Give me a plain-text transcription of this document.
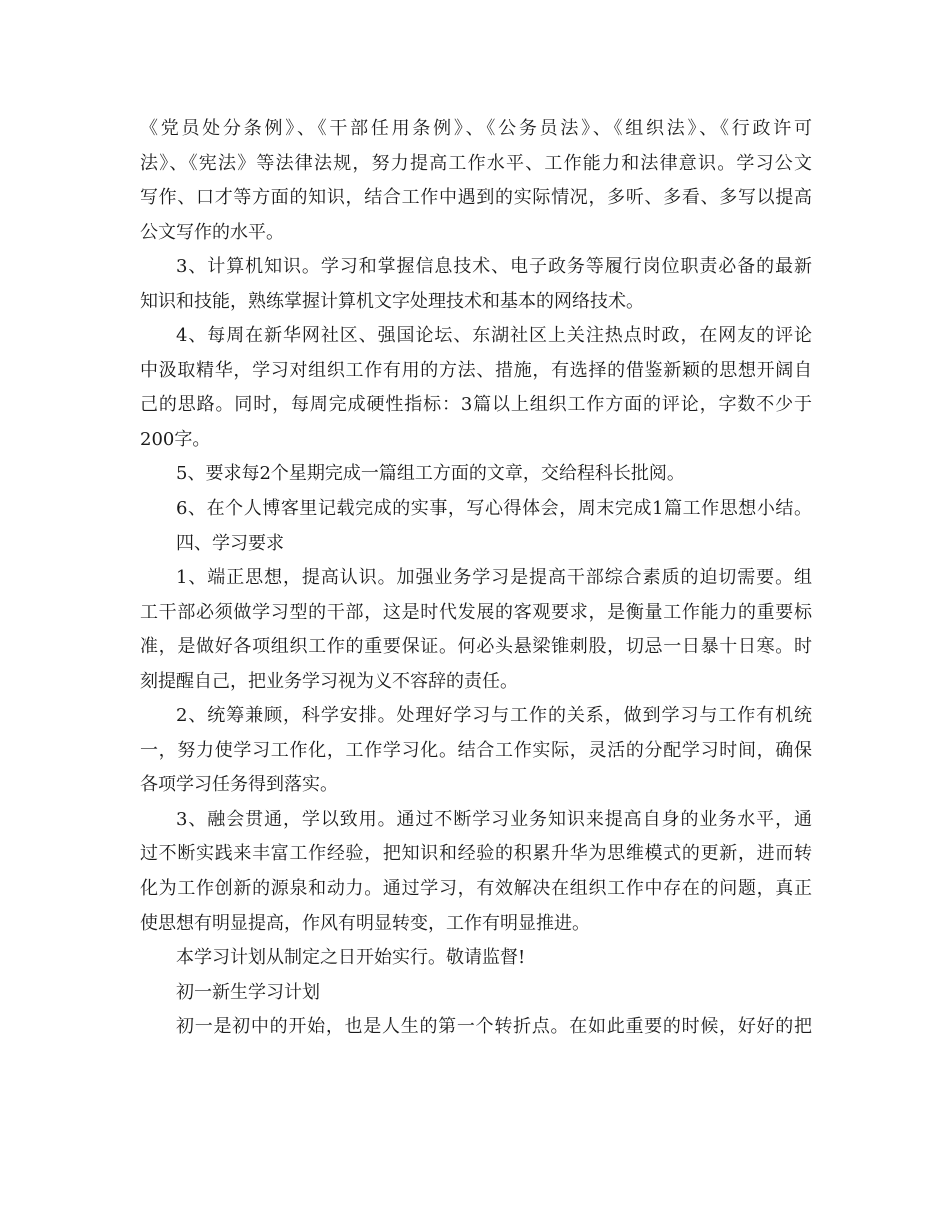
《党员处分条例》、《干部任用条例》、《公务员法》、《组织法》、《行政许可
法》、《宪法》等法律法规，努力提高工作水平、工作能力和法律意识。学习公文
写作、口才等方面的知识，结合工作中遇到的实际情况，多听、多看、多写以提高
公文写作的水平。
3、计算机知识。学习和掌握信息技术、电子政务等履行岗位职责必备的最新
知识和技能，熟练掌握计算机文字处理技术和基本的网络技术。
4、每周在新华网社区、强国论坛、东湖社区上关注热点时政，在网友的评论
中汲取精华，学习对组织工作有用的方法、措施，有选择的借鉴新颖的思想开阔自
己的思路。同时，每周完成硬性指标：3篇以上组织工作方面的评论，字数不少于
200字。
5、要求每2个星期完成一篇组工方面的文章，交给程科长批阅。
6、在个人博客里记载完成的实事，写心得体会，周末完成1篇工作思想小结。
四、学习要求
1、端正思想，提高认识。加强业务学习是提高干部综合素质的迫切需要。组
工干部必须做学习型的干部，这是时代发展的客观要求，是衡量工作能力的重要标
准，是做好各项组织工作的重要保证。何必头悬梁锥刺股，切忌一日暴十日寒。时
刻提醒自己，把业务学习视为义不容辞的责任。
2、统筹兼顾，科学安排。处理好学习与工作的关系，做到学习与工作有机统
一，努力使学习工作化，工作学习化。结合工作实际，灵活的分配学习时间，确保
各项学习任务得到落实。
3、融会贯通，学以致用。通过不断学习业务知识来提高自身的业务水平，通
过不断实践来丰富工作经验，把知识和经验的积累升华为思维模式的更新，进而转
化为工作创新的源泉和动力。通过学习，有效解决在组织工作中存在的问题，真正
使思想有明显提高，作风有明显转变，工作有明显推进。
本学习计划从制定之日开始实行。敬请监督!
初一新生学习计划
初一是初中的开始，也是人生的第一个转折点。在如此重要的时候，好好的把
